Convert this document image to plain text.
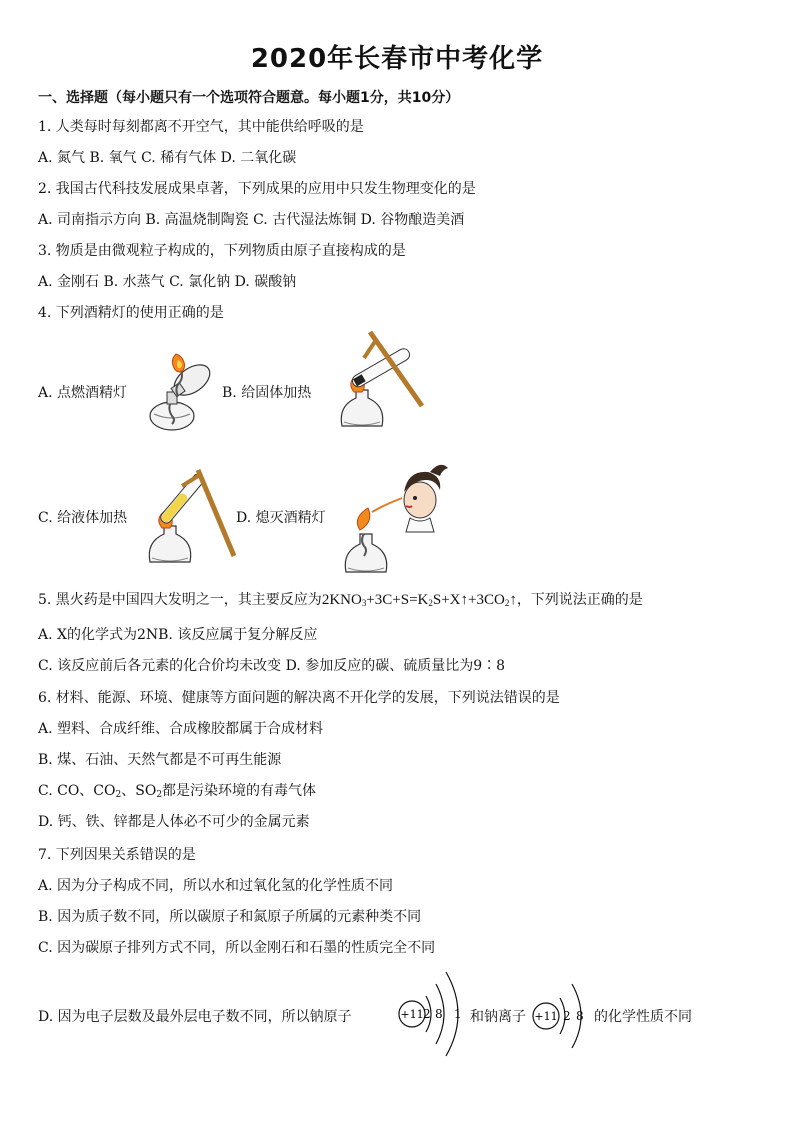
2020年长春市中考化学
一、选择题（每小题只有一个选项符合题意。每小题1分，共10分）
1. 人类每时每刻都离不开空气，其中能供给呼吸的是
A. 氮气 B. 氧气 C. 稀有气体 D. 二氧化碳
2. 我国古代科技发展成果卓著，下列成果的应用中只发生物理变化的是
A. 司南指示方向 B. 高温烧制陶瓷 C. 古代湿法炼铜 D. 谷物酿造美酒
3. 物质是由微观粒子构成的，下列物质由原子直接构成的是
A. 金刚石 B. 水蒸气 C. 氯化钠 D. 碳酸钠
4. 下列酒精灯的使用正确的是
A. 点燃酒精灯	B. 给固体加热
C. 给液体加热	D. 熄灭酒精灯
5. 黑火药是中国四大发明之一，其主要反应为$2KNO_3+3C+S=K_2S+X↑+3CO_2↑$，下列说法正确的是
A. X的化学式为2NB. 该反应属于复分解反应
C. 该反应前后各元素的化合价均未改变 D. 参加反应的碳、硫质量比为9∶8
6. 材料、能源、环境、健康等方面问题的解决离不开化学的发展，下列说法错误的是
A. 塑料、合成纤维、合成橡胶都属于合成材料
B. 煤、石油、天然气都是不可再生能源
C. CO、$CO_2$、$SO_2$都是污染环境的有毒气体
D. 钙、铁、锌都是人体必不可少的金属元素
7. 下列因果关系错误的是
A. 因为分子构成不同，所以水和过氧化氢的化学性质不同
B. 因为质子数不同，所以碳原子和氮原子所属的元素种类不同
C. 因为碳原子排列方式不同，所以金刚石和石墨的性质完全不同
D. 因为电子层数及最外层电子数不同，所以钠原子	和钠离子	的化学性质不同
+11 2 8 1	+11 2 8
